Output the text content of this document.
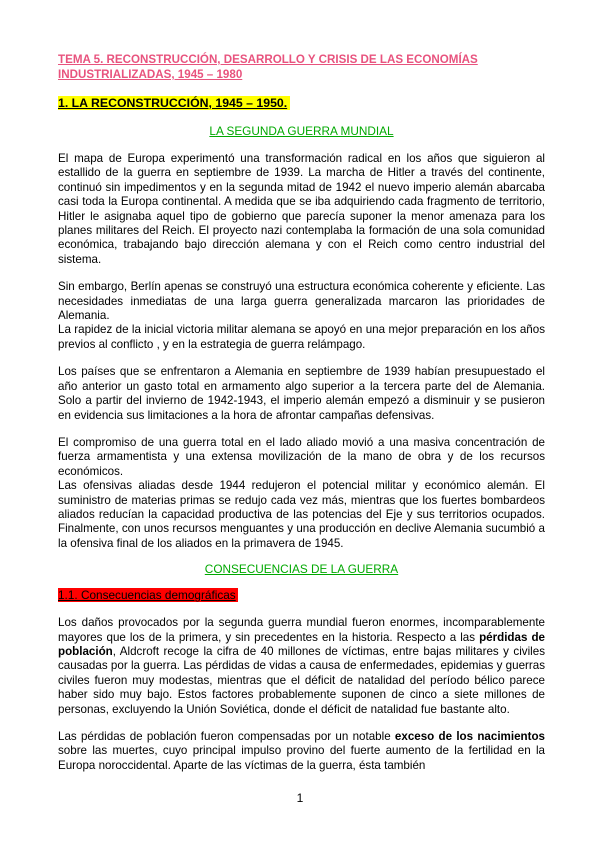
TEMA 5. RECONSTRUCCIÓN, DESARROLLO Y CRISIS DE LAS ECONOMÍAS
INDUSTRIALIZADAS, 1945 – 1980

1. LA RECONSTRUCCIÓN, 1945 – 1950.

LA SEGUNDA GUERRA MUNDIAL

El mapa de Europa experimentó una transformación radical en los años que siguieron al estallido de la guerra en septiembre de 1939. La marcha de Hitler a través del continente, continuó sin impedimentos y en la segunda mitad de 1942 el nuevo imperio alemán abarcaba casi toda la Europa continental. A medida que se iba adquiriendo cada fragmento de territorio, Hitler le asignaba aquel tipo de gobierno que parecía suponer la menor amenaza para los planes militares del Reich. El proyecto nazi contemplaba la formación de una sola comunidad económica, trabajando bajo dirección alemana y con el Reich como centro industrial del sistema.

Sin embargo, Berlín apenas se construyó una estructura económica coherente y eficiente. Las necesidades inmediatas de una larga guerra generalizada marcaron las prioridades de Alemania.

La rapidez de la inicial victoria militar alemana se apoyó en una mejor preparación en los años previos al conflicto , y en la estrategia de guerra relámpago.

Los países que se enfrentaron a Alemania en septiembre de 1939 habían presupuestado el año anterior un gasto total en armamento algo superior a la tercera parte del de Alemania. Solo a partir del invierno de 1942-1943, el imperio alemán empezó a disminuir y se pusieron en evidencia sus limitaciones a la hora de afrontar campañas defensivas.

El compromiso de una guerra total en el lado aliado movió a una masiva concentración de fuerza armamentista y una extensa movilización de la mano de obra y de los recursos económicos.

Las ofensivas aliadas desde 1944 redujeron el potencial militar y económico alemán. El suministro de materias primas se redujo cada vez más, mientras que los fuertes bombardeos aliados reducían la capacidad productiva de las potencias del Eje y sus territorios ocupados. Finalmente, con unos recursos menguantes y una producción en declive Alemania sucumbió a la ofensiva final de los aliados en la primavera de 1945.

CONSECUENCIAS DE LA GUERRA

1.1. Consecuencias demográficas

Los daños provocados por la segunda guerra mundial fueron enormes, incomparablemente mayores que los de la primera, y sin precedentes en la historia. Respecto a las pérdidas de población, Aldcroft recoge la cifra de 40 millones de víctimas, entre bajas militares y civiles causadas por la guerra. Las pérdidas de vidas a causa de enfermedades, epidemias y guerras civiles fueron muy modestas, mientras que el déficit de natalidad del período bélico parece haber sido muy bajo. Estos factores probablemente suponen de cinco a siete millones de personas, excluyendo la Unión Soviética, donde el déficit de natalidad fue bastante alto.

Las pérdidas de población fueron compensadas por un notable exceso de los nacimientos sobre las muertes, cuyo principal impulso provino del fuerte aumento de la fertilidad en la Europa noroccidental. Aparte de las víctimas de la guerra, ésta también

1
